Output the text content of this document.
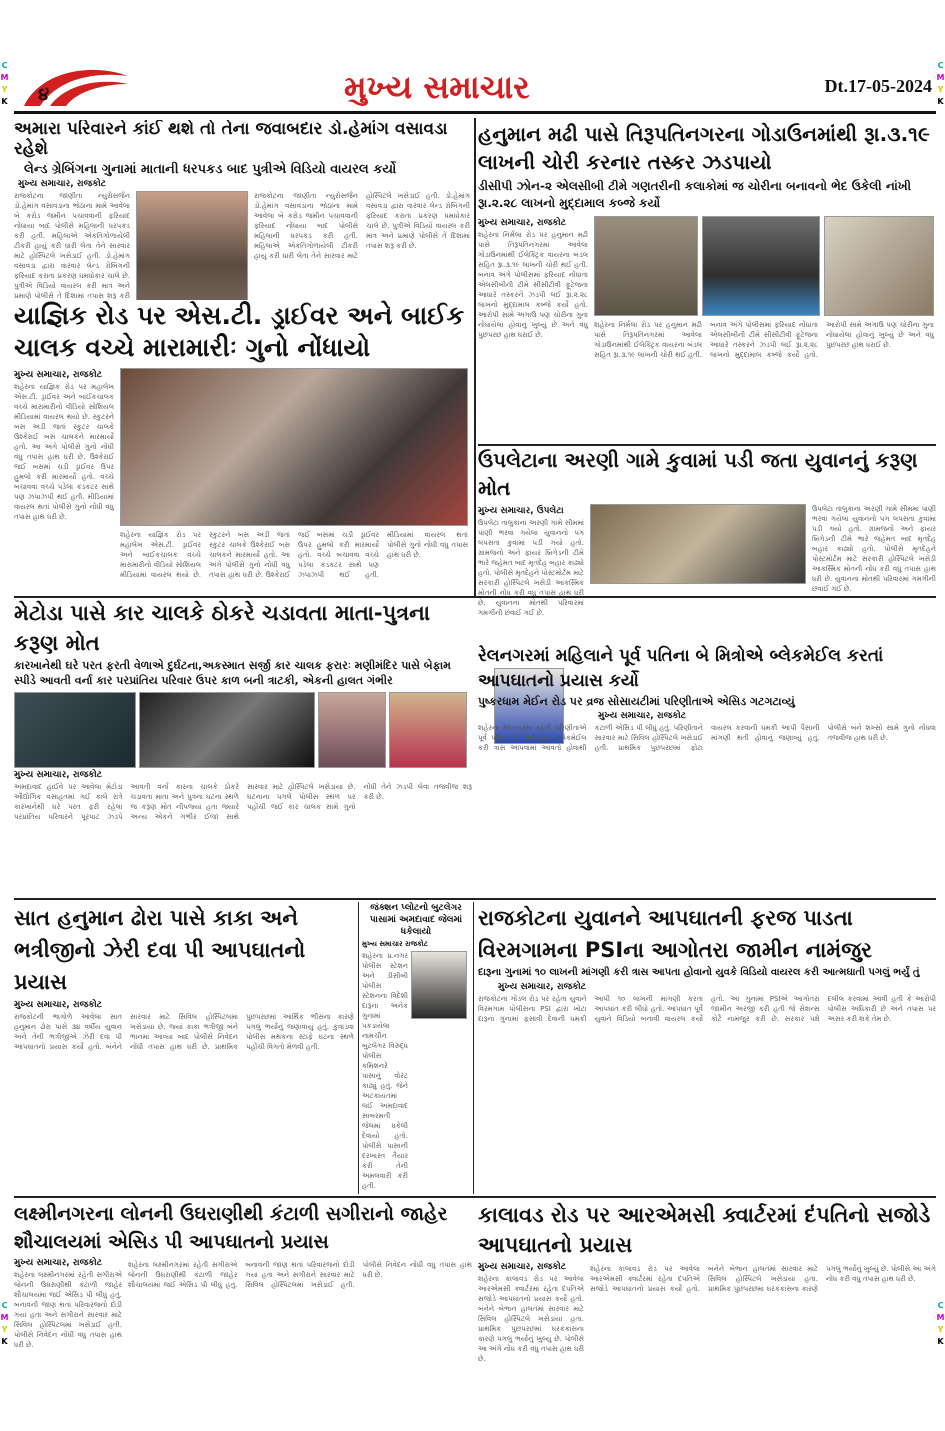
C
M
Y
K
C
M
Y
K
C
M
Y
K
C
M
Y
K
૪	મુખ્ય સમાચાર	Dt.17-05-2024
અમારા પરિવારને કાંઈ થશે તો તેના જવાબદાર ડો.હેમાંગ વસાવડા રહેશે
લેન્ડ ગ્રેબિંગના ગુનામાં માતાની ધરપકડ બાદ પુત્રીએ વિડિયો વાયરલ કર્યો
મુખ્ય સમાચાર, રાજકોટ
રાજકોટના જાણીતા ન્યુરોસર્જન ડો.હેમાંગ વસાવડાના ભોઠાના મામે આવેલા બે કરોડ જમીન પચાવવાની ફરિયાદ નોંધાયા બાદ પોલીસે મહિલાની ધરપકડ કરી હતી. મહિલાએ એકતિગોળાયેલી ટીકરી હાયું કરી ધારી લેતા તેને સારવાર માટે હોસ્પિટલે ખસેડાઈ હતી. ડો.હેમાંગ વસાવડા દ્વારા વારંવાર લેન્ડ ગ્રેબિંગની ફરિયાદ કરાતા પ્રકરણ ધમધોકાર ચાલે છે. પુત્રીએ વિડિયો વાયરલ કરી માત્ર અને પ્રમાણે પોલીસે તે દિશામાં તપાસ શરૂ કરી
રાજકોટના જાણીતા ન્યુરોસર્જન ડો.હેમાંગ વસાવડાના ભોઠાના મામે આવેલા બે કરોડ જમીન પચાવવાની ફરિયાદ નોંધાયા બાદ પોલીસે મહિલાની ધરપકડ કરી હતી. મહિલાએ એકતિગોળાયેલી ટીકરી હાયું કરી ધારી લેતા તેને સારવાર માટે હોસ્પિટલે ખસેડાઈ હતી. ડો.હેમાંગ વસાવડા દ્વારા વારંવાર લેન્ડ ગ્રેબિંગની ફરિયાદ કરાતા પ્રકરણ ધમધોકાર ચાલે છે. પુત્રીએ વિડિયો વાયરલ કરી માત્ર અને પ્રમાણે પોલીસે તે દિશામાં તપાસ શરૂ કરી છે.
યાજ્ઞિક રોડ પર એસ.ટી. ડ્રાઈવર અને બાઈક ચાલક વચ્ચે મારામારીઃ ગુનો નોંધાયો
મુખ્ય સમાચાર, રાજકોટ
શહેરના યાજ્ઞિક રોડ પર મહાલેખ એસ.ટી. ડ્રાઈવર અને બાઈકચાલક વચ્ચે મારામારીનો વીડિયો સોશિયલ મીડિયામાં વાયરલ થયો છે. સ્કુટરને બસ અડી જતાં સ્કુટર ચાલકે ઉશ્કેરાઈ બસ ચાલકને મારમાર્યો હતો. આ અંગે પોલીસે ગુનો નોંધી વધુ તપાસ હાથ ધરી છે. ઉશ્કેરાઈ જઈ બસમાં ચડી ડ્રાઈવર ઉપર હુમલો કરી મારમાર્યો હતો. વચ્ચે બચાવવા વચ્ચે પડેલા કંડકટર સાથે પણ ઝપાઝપી થઈ હતી. મીડિયામાં વાયરલ થતાં પોલીસે ગુનો નોંધી વધુ તપાસ હાથ ધરી છે.
શહેરના યાજ્ઞિક રોડ પર મહાલેખ એસ.ટી. ડ્રાઈવર અને બાઈકચાલક વચ્ચે મારામારીનો વીડિયો સોશિયલ મીડિયામાં વાયરલ થયો છે. સ્કુટરને બસ અડી જતાં સ્કુટર ચાલકે ઉશ્કેરાઈ બસ ચાલકને મારમાર્યો હતો. આ અંગે પોલીસે ગુનો નોંધી વધુ તપાસ હાથ ધરી છે. ઉશ્કેરાઈ જઈ બસમાં ચડી ડ્રાઈવર ઉપર હુમલો કરી મારમાર્યો હતો. વચ્ચે બચાવવા વચ્ચે પડેલા કંડકટર સાથે પણ ઝપાઝપી થઈ હતી. મીડિયામાં વાયરલ થતાં પોલીસે ગુનો નોંધી વધુ તપાસ હાથ ધરી છે.
હનુમાન મઢી પાસે તિરૂપતિનગરના ગોડાઉનમાંથી રૂા.૩.૧૯ લાખની ચોરી કરનાર તસ્કર ઝડપાયો
ડીસીપી ઝોન-૨ એલસીબી ટીમે ગણતરીની કલાકોમાં જ ચોરીના બનાવનો ભેદ ઉકેલી નાંખી રૂા.૨.૨૮ લાખનો મુદ્દામાલ કબ્જે કર્યો
મુખ્ય સમાચાર, રાજકોટ
શહેરના નિર્મલા રોડ પર હનુમાન મઢી પાસે તિરૂપતિનગરમાં આવેલા ગોડાઉનમાંથી ઈલેક્ટ્રિક વાયરના બંડલ સહિત રૂા.૩.૧૯ લાખની ચોરી થઈ હતી. બનાવ અંગે પોલીસમાં ફરિયાદ નોંધાતા એલસીબીની ટીમે સીસીટીવી ફૂટેજના આધારે તસ્કરને ઝડપી લઈ રૂા.૨.૨૮ લાખનો મુદ્દામાલ કબ્જે કર્યો હતો. આરોપી સામે અગાઉ પણ ચોરીના ગુના નોંધાયેલા હોવાનું ખુલ્યું છે અને વધુ પુછપરછ હાથ ધરાઈ છે.
શહેરના નિર્મલા રોડ પર હનુમાન મઢી પાસે તિરૂપતિનગરમાં આવેલા ગોડાઉનમાંથી ઈલેક્ટ્રિક વાયરના બંડલ સહિત રૂા.૩.૧૯ લાખની ચોરી થઈ હતી. બનાવ અંગે પોલીસમાં ફરિયાદ નોંધાતા એલસીબીની ટીમે સીસીટીવી ફૂટેજના આધારે તસ્કરને ઝડપી લઈ રૂા.૨.૨૮ લાખનો મુદ્દામાલ કબ્જે કર્યો હતો. આરોપી સામે અગાઉ પણ ચોરીના ગુના નોંધાયેલા હોવાનું ખુલ્યું છે અને વધુ પુછપરછ હાથ ધરાઈ છે.
ઉપલેટાના અરણી ગામે કુવામાં પડી જતા યુવાનનું કરૂણ મોત
મુખ્ય સમાચાર, ઉપલેટા
ઉપલેટા તાલુકાના અરણી ગામે સીમમાં પાણી ભરવા ગયેલા યુવાનનો પગ લપસતા કુવામાં પડી ગયો હતો. ગ્રામજનો અને ફાયર બ્રિગેડની ટીમે ભારે જહેમત બાદ મૃતદેહ બહાર કાઢ્યો હતો. પોલીસે મૃતદેહને પોસ્ટમોર્ટમ માટે સરકારી હોસ્પિટલે ખસેડી આકસ્મિક મોતની નોંધ કરી વધુ તપાસ હાથ ધરી છે. યુવાનના મોતથી પરિવારમાં ગમગીની છવાઈ ગઈ છે.
ઉપલેટા તાલુકાના અરણી ગામે સીમમાં પાણી ભરવા ગયેલા યુવાનનો પગ લપસતા કુવામાં પડી ગયો હતો. ગ્રામજનો અને ફાયર બ્રિગેડની ટીમે ભારે જહેમત બાદ મૃતદેહ બહાર કાઢ્યો હતો. પોલીસે મૃતદેહને પોસ્ટમોર્ટમ માટે સરકારી હોસ્પિટલે ખસેડી આકસ્મિક મોતની નોંધ કરી વધુ તપાસ હાથ ધરી છે. યુવાનના મોતથી પરિવારમાં ગમગીની છવાઈ ગઈ છે.
મેટોડા પાસે કાર ચાલકે ઠોકરે ચડાવતા માતા-પુત્રના કરૂણ મોત
કારખાનેથી ઘરે પરત ફરતી વેળાએ દુર્ઘટના,અકસ્માત સર્જી કાર ચાલક ફરારઃ મણીમંદિર પાસે બેફામ સ્પીડે આવતી વર્ના કાર પરપ્રાંતિય પરિવાર ઉપર કાળ બની ત્રાટકી, એકની હાલત ગંભીર
મુખ્ય સમાચાર, રાજકોટ
અમદાવાદ હાઈવે પર આવેલા મેટોડા ઔદ્યોગિક વસાહતમાં ગઈ કાલે રાત્રે કારખાનેથી ઘરે પરત ફરી રહેલા પરપ્રાંતિય પરિવારને પૂરપાટ ઝડપે આવતી વર્ના કારના ચાલકે ઠોકરે ચડાવતા માતા અને પુત્રના ઘટના સ્થળે જ કરૂણ મોત નીપજ્યા હતા જ્યારે અન્ય એકને ગંભીર ઈજા સાથે સારવાર માટે હોસ્પિટલે ખસેડાયા છે. ઘટનાના પગલે પોલીસ સ્થળ પર પહોંચી જઈ કાર ચાલક સામે ગુનો નોંધી તેને ઝડપી લેવા તજવીજ શરૂ કરી છે.
રેલનગરમાં મહિલાને પૂર્વ પતિના બે મિત્રોએ બ્લેકમેઈલ કરતાં આપઘાતનો પ્રયાસ કર્યો
પુષ્કરધામ મેઈન રોડ પર વ્રજ સોસાયટીમાં પરિણીતાએ એસિડ ગટગટાવ્યું
મુખ્ય સમાચાર, રાજકોટ
શહેરના રેલનગરમાં રહેતી પરિણીતાએ પૂર્વ પતિના બે મિત્રો દ્વારા બ્લેકમેઈલ કરી ત્રાસ આપવામાં આવતો હોવાથી કંટાળી એસિડ પી લીધું હતું. પરિણીતાને સારવાર માટે સિવિલ હોસ્પિટલે ખસેડાઈ હતી. પ્રાથમિક પુછપરછમાં ફોટા વાયરલ કરવાની ધમકી આપી પૈસાની માંગણી થતી હોવાનું જણાવ્યું હતું. પોલીસે બંને શખ્સો સામે ગુનો નોંધવા તજવીજ હાથ ધરી છે.
સાત હનુમાન ઢોરા પાસે કાકા અને ભત્રીજીનો ઝેરી દવા પી આપઘાતનો પ્રયાસ
મુખ્ય સમાચાર, રાજકોટ
રાજકોટની ભાગોળે આવેલા સાત હનુમાન ઢોરા પાસે ૩૪ વર્ષીય યુવાન અને તેની ભત્રીજીએ ઝેરી દવા પી આપઘાતનો પ્રયાસ કર્યો હતો. બંનેને સારવાર માટે સિવિલ હોસ્પિટલમાં ખસેડાયા છે. જ્યાં કાકા ભત્રીજી બંને ભાનમાં આવ્યા બાદ પોલીસે નિવેદન નોંધી તપાસ હાથ ધરી છે. પ્રાથમિક પુછપરછમાં આર્થિક ભીંસના કારણે પગલું ભર્યાનું જણાવાયું હતું. કુવાડવા પોલીસ મથકના સ્ટાફે ઘટના સ્થળે પહોંચી વિગતો મેળવી હતી.
જંક્શન પ્લોટનો બુટલેગર પાસામાં અમદાવાદ જેલમાં ધકેલાયો
મુખ્ય સમાચાર રાજકોટ
શહેરના પ્ર.નગર પોલીસ સ્ટેશન અને ડીસીબી પોલીસ સ્ટેશનના વિદેશી દારૂના અનેક ગુનામાં પકડાયેલા નામચીન બુટલેગર વિરુદ્ધ પોલીસ કમિશનરે પાસાનું વોરંટ કાઢ્યું હતું. જેને અટકાયતમાં લઈ અમદાવાદ સાબરમતી જેલમાં ધકેલી દેવાયો હતો. પોલીસે પાસાની દરખાસ્ત તૈયાર કરી તેની અમલવારી કરી હતી.
રાજકોટના યુવાનને આપઘાતની ફરજ પાડતા વિરમગામના PSIના આગોતરા જામીન નામંજુર
દારૂના ગુનામાં ૧૦ લાખની માંગણી કરી ત્રાસ આપતા હોવાનો યુવકે વિડિયો વાયરલ કરી આત્મઘાતી પગલું ભર્યું તું
મુખ્ય સમાચાર, રાજકોટ
રાજકોટના ગોંડલ રોડ પર રહેતા યુવાને વિરમગામ પોલીસના PSI દ્વારા ખોટા દારૂના ગુનામાં ફસાવી દેવાની ધમકી આપી ૧૦ લાખની માંગણી કરતા આપઘાત કરી લીધો હતો. આપઘાત પૂર્વે યુવાને વિડિયો બનાવી વાયરલ કર્યો હતો. આ ગુનામાં PSIએ આગોતરા જામીન અરજી કરી હતી જે સેશન્સ કોર્ટે નામંજુર કરી છે. સરકાર પક્ષે દલીલ કરવામાં આવી હતી કે આરોપી પોલીસ અધિકારી છે અને તપાસ પર અસર કરી શકે તેમ છે.
લક્ષ્મીનગરના લોનની ઉઘરાણીથી કંટાળી સગીરાનો જાહેર શૌચાલયમાં એસિડ પી આપઘાતનો પ્રયાસ
મુખ્ય સમાચાર, રાજકોટ
શહેરના લક્ષ્મીનગરમાં રહેતી સગીરાએ લોનની ઉઘરાણીથી કંટાળી જાહેર શૌચાલયમાં જઈ એસિડ પી લીધું હતું. બનાવની જાણ થતાં પરિવારજનો દોડી ગયા હતા અને સગીરાને સારવાર માટે સિવિલ હોસ્પિટલમાં ખસેડાઈ હતી. પોલીસે નિવેદન નોંધી વધુ તપાસ હાથ ધરી છે.
શહેરના લક્ષ્મીનગરમાં રહેતી સગીરાએ લોનની ઉઘરાણીથી કંટાળી જાહેર શૌચાલયમાં જઈ એસિડ પી લીધું હતું. બનાવની જાણ થતાં પરિવારજનો દોડી ગયા હતા અને સગીરાને સારવાર માટે સિવિલ હોસ્પિટલમાં ખસેડાઈ હતી. પોલીસે નિવેદન નોંધી વધુ તપાસ હાથ ધરી છે.
કાલાવડ રોડ પર આરએમસી ક્વાર્ટરમાં દંપતિનો સજોડે આપઘાતનો પ્રયાસ
મુખ્ય સમાચાર, રાજકોટ
શહેરના કાલાવડ રોડ પર આવેલા આરએમસી ક્વાર્ટરમાં રહેતા દંપતિએ સજોડે આપઘાતનો પ્રયાસ કર્યો હતો. બંનેને બેભાન હાલતમાં સારવાર માટે સિવિલ હોસ્પિટલે ખસેડાયા હતા. પ્રાથમિક પુછપરછમાં ઘરકંકાસના કારણે પગલું ભર્યાનું ખુલ્યું છે. પોલીસે આ અંગે નોંધ કરી વધુ તપાસ હાથ ધરી છે.
શહેરના કાલાવડ રોડ પર આવેલા આરએમસી ક્વાર્ટરમાં રહેતા દંપતિએ સજોડે આપઘાતનો પ્રયાસ કર્યો હતો. બંનેને બેભાન હાલતમાં સારવાર માટે સિવિલ હોસ્પિટલે ખસેડાયા હતા. પ્રાથમિક પુછપરછમાં ઘરકંકાસના કારણે પગલું ભર્યાનું ખુલ્યું છે. પોલીસે આ અંગે નોંધ કરી વધુ તપાસ હાથ ધરી છે.
